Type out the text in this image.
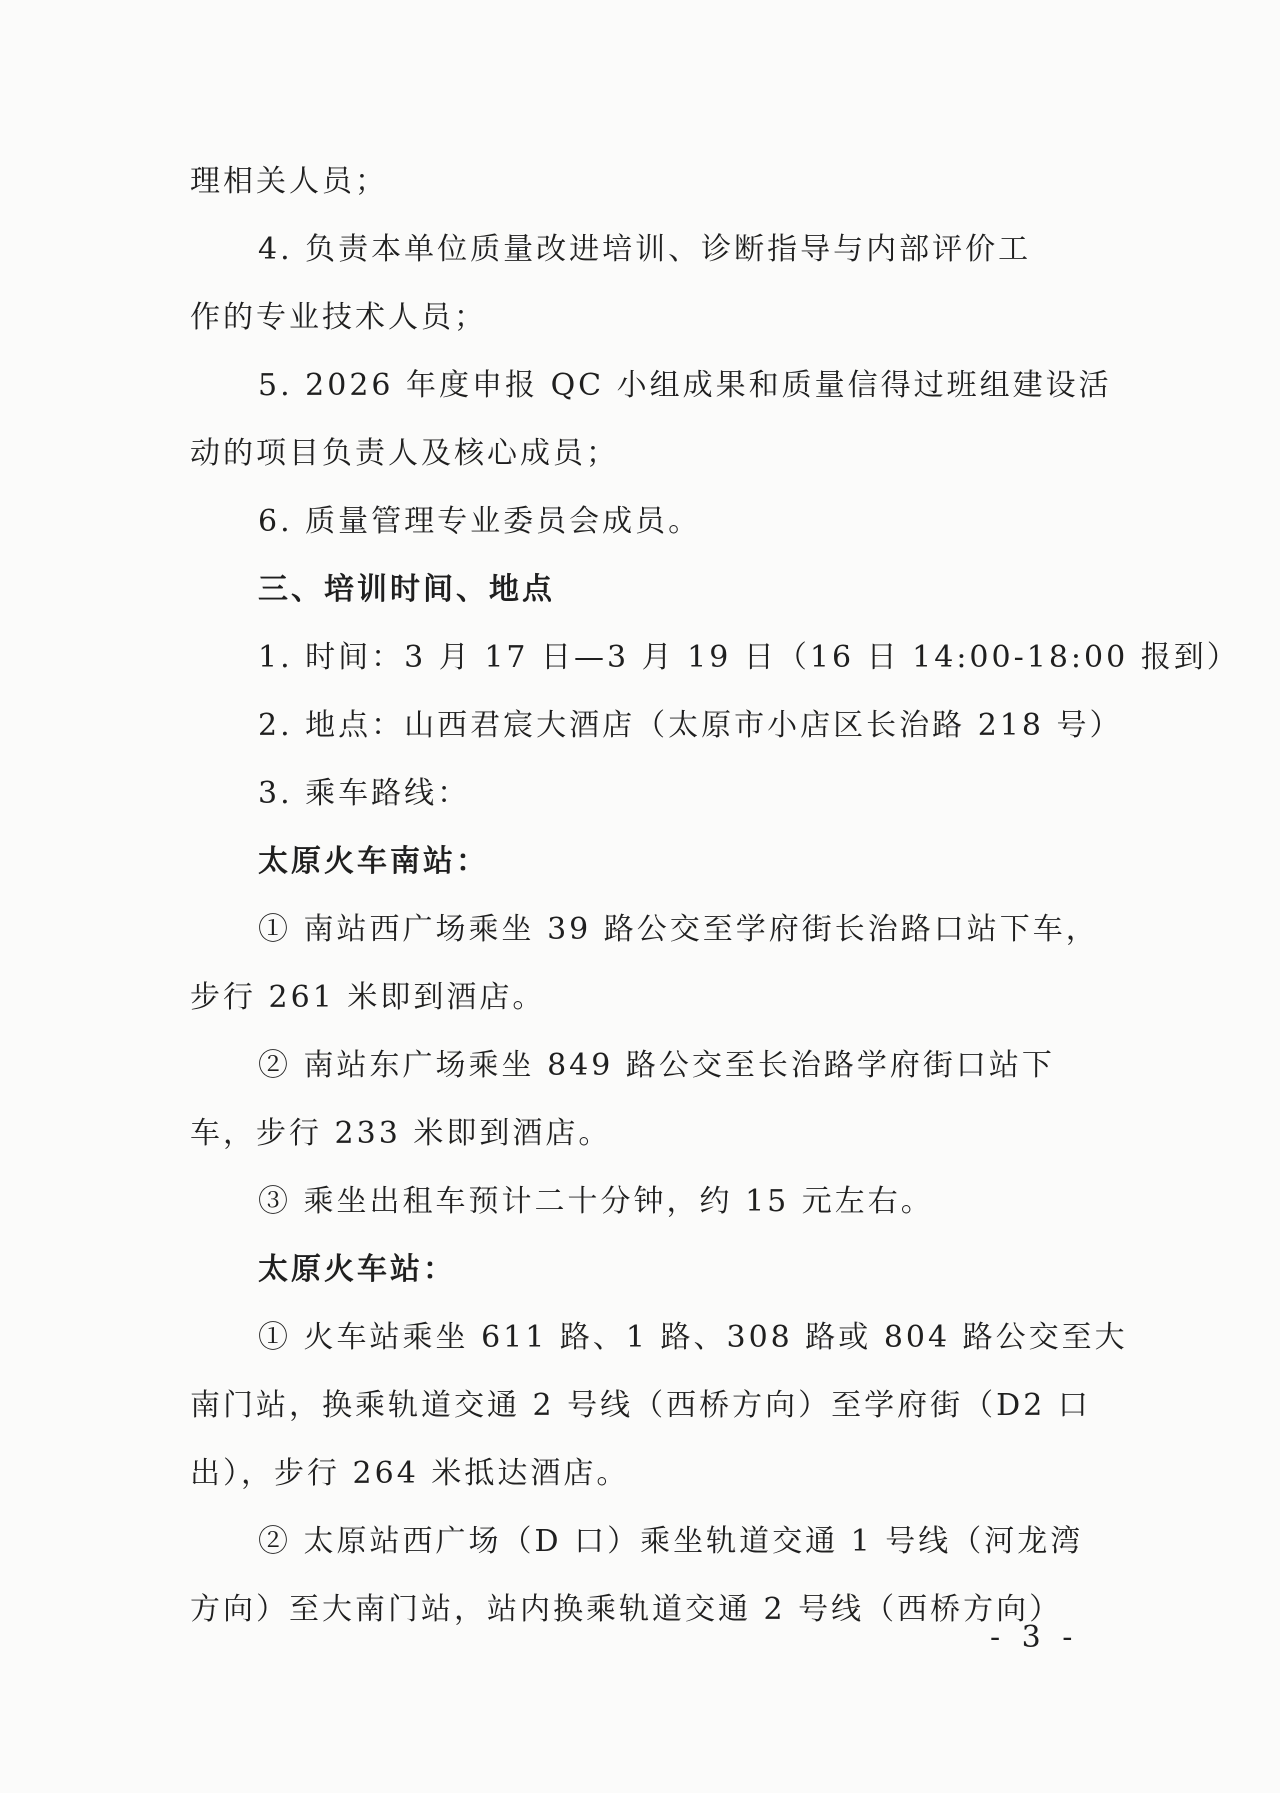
理相关人员；
4. 负责本单位质量改进培训、诊断指导与内部评价工
作的专业技术人员；
5. 2026 年度申报 QC 小组成果和质量信得过班组建设活
动的项目负责人及核心成员；
6. 质量管理专业委员会成员。
三、培训时间、地点
1. 时间：3 月 17 日—3 月 19 日（16 日 14:00-18:00 报到）
2. 地点：山西君宸大酒店（太原市小店区长治路 218 号）
3. 乘车路线：
太原火车南站：
① 南站西广场乘坐 39 路公交至学府街长治路口站下车，
步行 261 米即到酒店。
② 南站东广场乘坐 849 路公交至长治路学府街口站下
车，步行 233 米即到酒店。
③ 乘坐出租车预计二十分钟，约 15 元左右。
太原火车站：
① 火车站乘坐 611 路、1 路、308 路或 804 路公交至大
南门站，换乘轨道交通 2 号线（西桥方向）至学府街（D2 口
出），步行 264 米抵达酒店。
② 太原站西广场（D 口）乘坐轨道交通 1 号线（河龙湾
方向）至大南门站，站内换乘轨道交通 2 号线（西桥方向）
- 3 -
